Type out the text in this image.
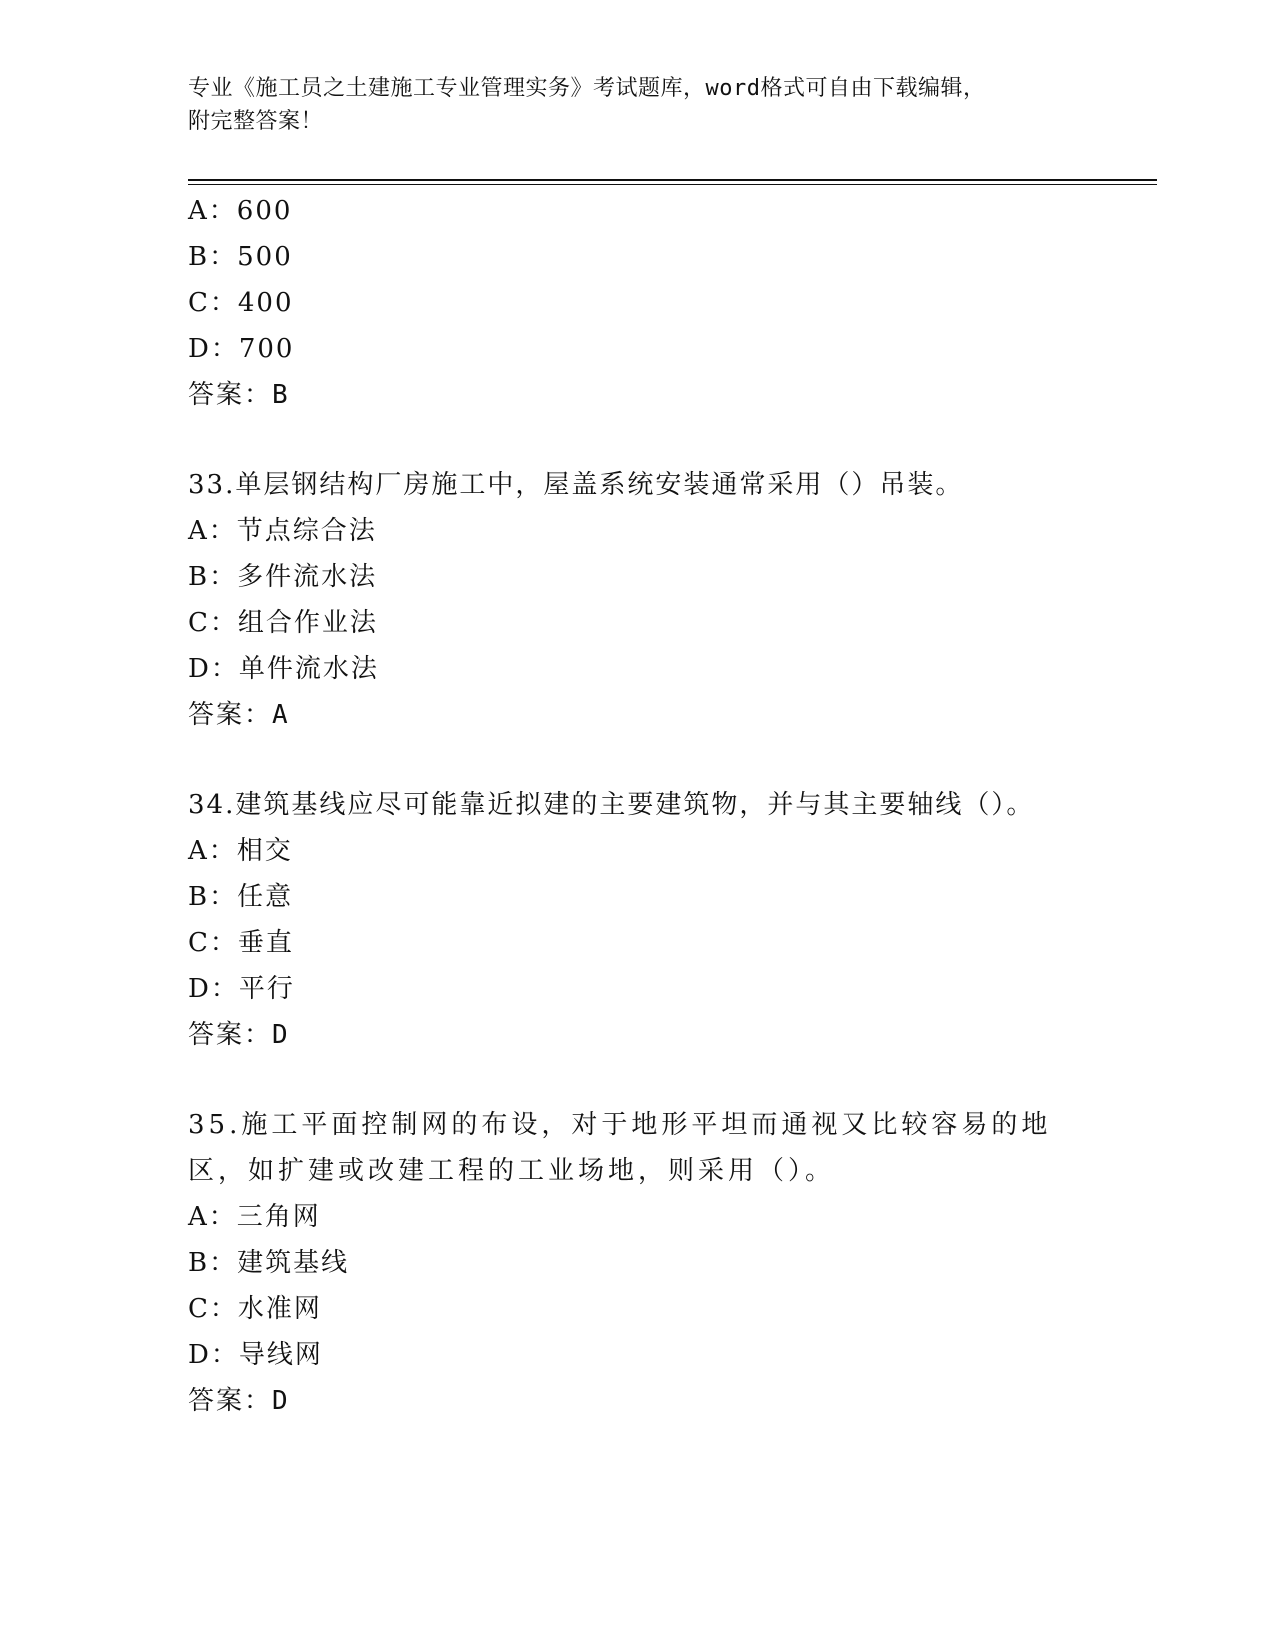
专业《施工员之土建施工专业管理实务》考试题库，word格式可自由下载编辑，
附完整答案！
A：600
B：500
C：400
D：700
答案：B
33.单层钢结构厂房施工中，屋盖系统安装通常采用（）吊装。
A：节点综合法
B：多件流水法
C：组合作业法
D：单件流水法
答案：A
34.建筑基线应尽可能靠近拟建的主要建筑物，并与其主要轴线（）。
A：相交
B：任意
C：垂直
D：平行
答案：D
35.施工平面控制网的布设，对于地形平坦而通视又比较容易的地区，如扩建或改建工程的工业场地，则采用（）。
A：三角网
B：建筑基线
C：水准网
D：导线网
答案：D
